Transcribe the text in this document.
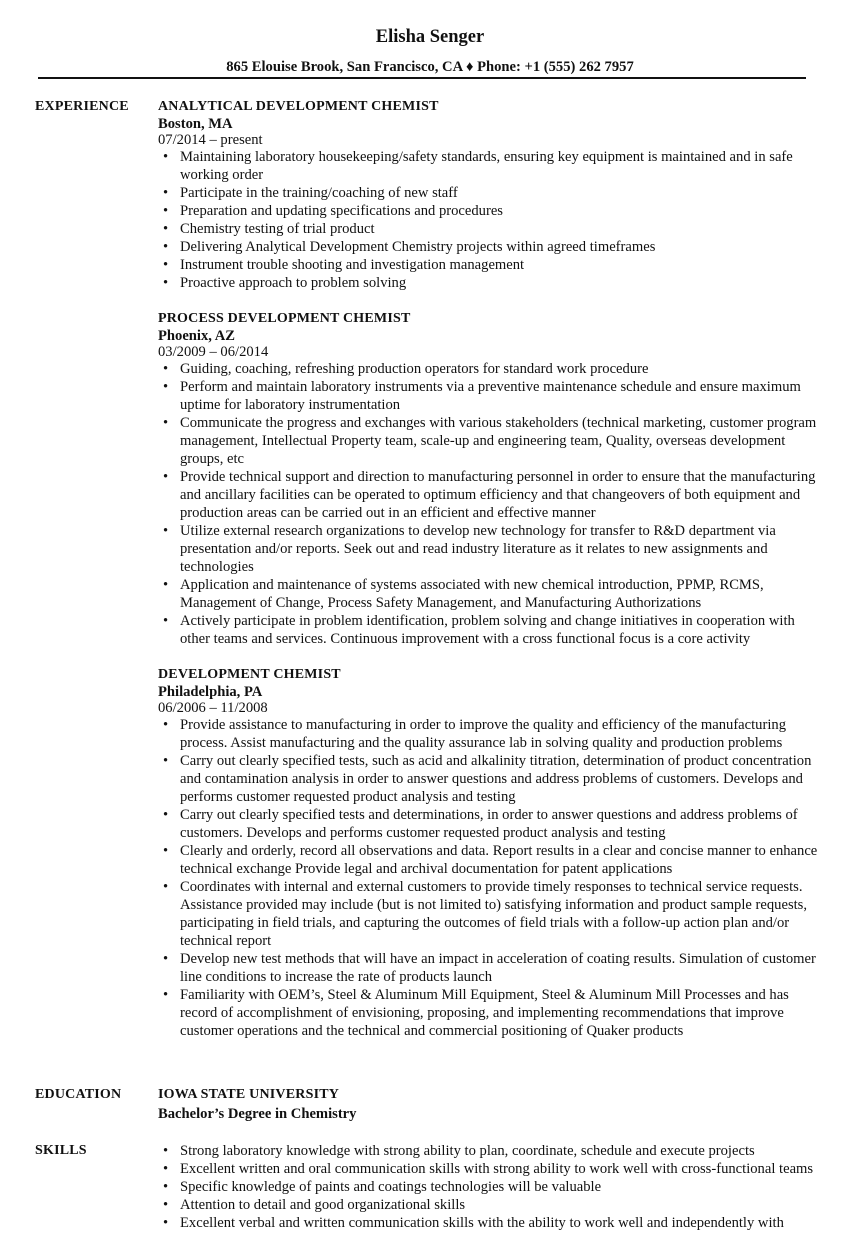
Elisha Senger
865 Elouise Brook, San Francisco, CA ♦ Phone: +1 (555) 262 7957
EXPERIENCE ANALYTICAL DEVELOPMENT CHEMIST
Boston, MA
07/2014 – present
• Maintaining laboratory housekeeping/safety standards, ensuring key equipment is maintained and in safe working order
• Participate in the training/coaching of new staff
• Preparation and updating specifications and procedures
• Chemistry testing of trial product
• Delivering Analytical Development Chemistry projects within agreed timeframes
• Instrument trouble shooting and investigation management
• Proactive approach to problem solving
PROCESS DEVELOPMENT CHEMIST
Phoenix, AZ
03/2009 – 06/2014
• Guiding, coaching, refreshing production operators for standard work procedure
• Perform and maintain laboratory instruments via a preventive maintenance schedule and ensure maximum uptime for laboratory instrumentation
• Communicate the progress and exchanges with various stakeholders (technical marketing, customer program management, Intellectual Property team, scale-up and engineering team, Quality, overseas development groups, etc
• Provide technical support and direction to manufacturing personnel in order to ensure that the manufacturing and ancillary facilities can be operated to optimum efficiency and that changeovers of both equipment and production areas can be carried out in an efficient and effective manner
• Utilize external research organizations to develop new technology for transfer to R&D department via presentation and/or reports. Seek out and read industry literature as it relates to new assignments and technologies
• Application and maintenance of systems associated with new chemical introduction, PPMP, RCMS, Management of Change, Process Safety Management, and Manufacturing Authorizations
• Actively participate in problem identification, problem solving and change initiatives in cooperation with other teams and services. Continuous improvement with a cross functional focus is a core activity
DEVELOPMENT CHEMIST
Philadelphia, PA
06/2006 – 11/2008
• Provide assistance to manufacturing in order to improve the quality and efficiency of the manufacturing process. Assist manufacturing and the quality assurance lab in solving quality and production problems
• Carry out clearly specified tests, such as acid and alkalinity titration, determination of product concentration and contamination analysis in order to answer questions and address problems of customers. Develops and performs customer requested product analysis and testing
• Carry out clearly specified tests and determinations, in order to answer questions and address problems of customers. Develops and performs customer requested product analysis and testing
• Clearly and orderly, record all observations and data. Report results in a clear and concise manner to enhance technical exchange Provide legal and archival documentation for patent applications
• Coordinates with internal and external customers to provide timely responses to technical service requests. Assistance provided may include (but is not limited to) satisfying information and product sample requests, participating in field trials, and capturing the outcomes of field trials with a follow-up action plan and/or technical report
• Develop new test methods that will have an impact in acceleration of coating results. Simulation of customer line conditions to increase the rate of products launch
• Familiarity with OEM’s, Steel & Aluminum Mill Equipment, Steel & Aluminum Mill Processes and has record of accomplishment of envisioning, proposing, and implementing recommendations that improve customer operations and the technical and commercial positioning of Quaker products
EDUCATION	IOWA STATE UNIVERSITY
Bachelor’s Degree in Chemistry
SKILLS	• Strong laboratory knowledge with strong ability to plan, coordinate, schedule and execute projects
• Excellent written and oral communication skills with strong ability to work well with cross-functional teams
• Specific knowledge of paints and coatings technologies will be valuable
• Attention to detail and good organizational skills
• Excellent verbal and written communication skills with the ability to work well and independently with
